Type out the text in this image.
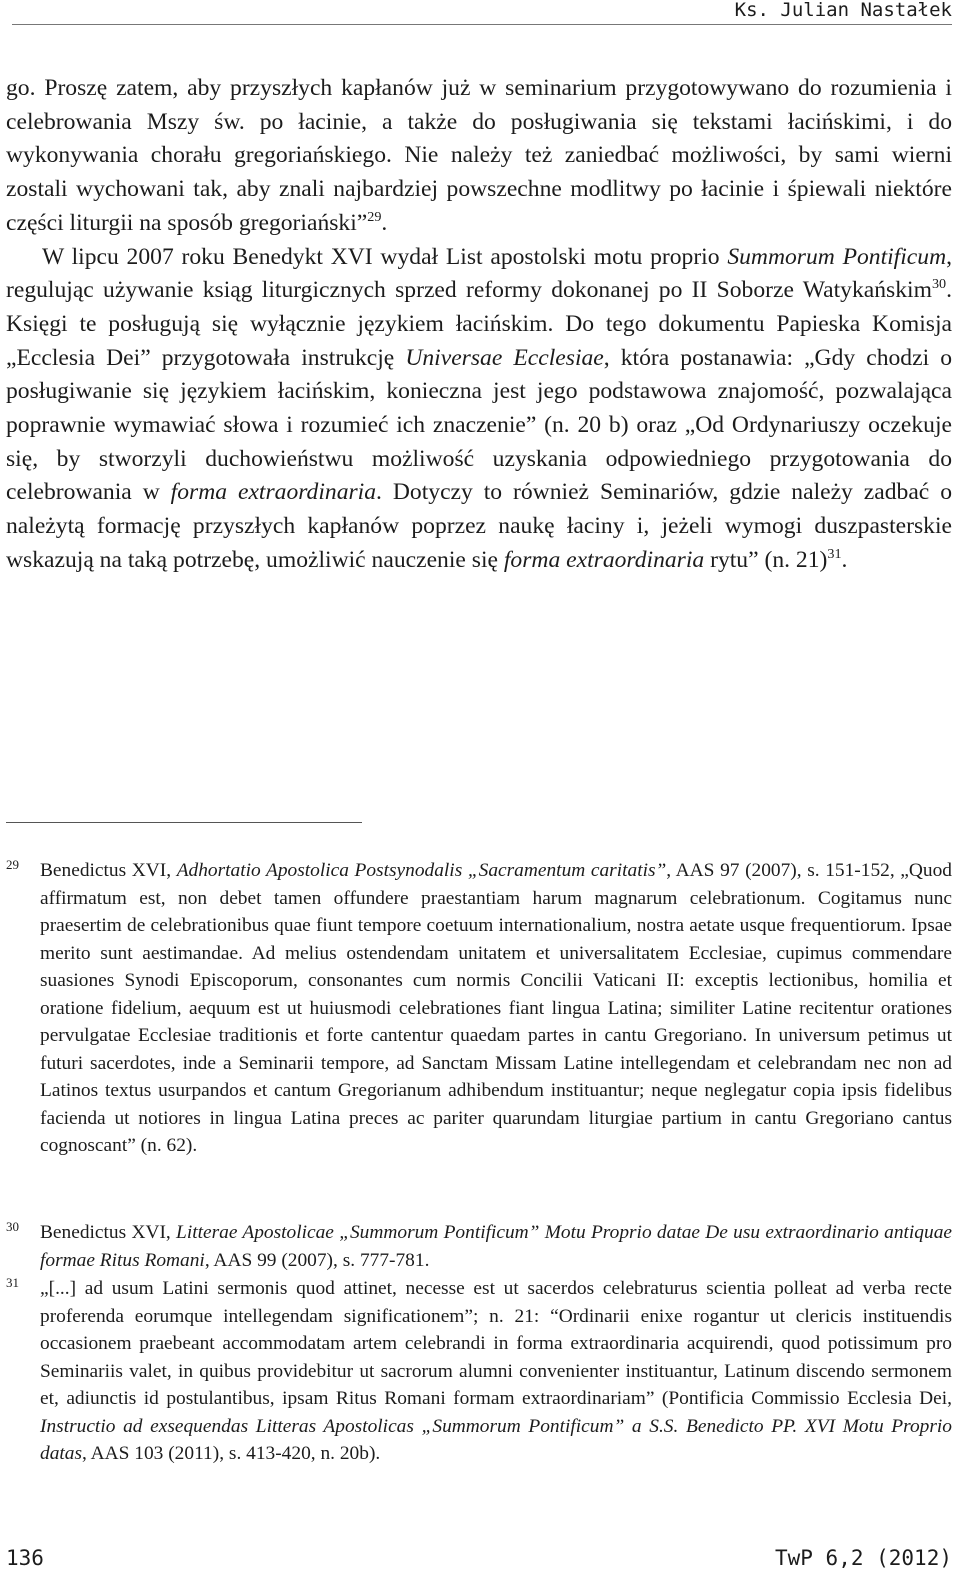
Ks. Julian Nastałek

go. Proszę zatem, aby przyszłych kapłanów już w seminarium przygotowywano do rozumienia i celebrowania Mszy św. po łacinie, a także do posługiwania się tekstami łacińskimi, i do wykonywania chorału gregoriańskiego. Nie należy też zaniedbać możliwości, by sami wierni zostali wychowani tak, aby znali najbardziej powszechne modlitwy po łacinie i śpiewali niektóre części liturgii na sposób gregoriański”$^{29}$.

W lipcu 2007 roku Benedykt XVI wydał List apostolski motu proprio Summorum Pontificum, regulując używanie ksiąg liturgicznych sprzed reformy dokonanej po II Soborze Watykańskim$^{30}$. Księgi te posługują się wyłącznie językiem łacińskim. Do tego dokumentu Papieska Komisja „Ecclesia Dei” przygotowała instrukcję Universae Ecclesiae, która postanawia: „Gdy chodzi o posługiwanie się językiem łacińskim, konieczna jest jego podstawowa znajomość, pozwalająca poprawnie wymawiać słowa i rozumieć ich znaczenie” (n. 20 b) oraz „Od Ordynariuszy oczekuje się, by stworzyli duchowieństwu możliwość uzyskania odpowiedniego przygotowania do celebrowania w forma extraordinaria. Dotyczy to również Seminariów, gdzie należy zadbać o należytą formację przyszłych kapłanów poprzez naukę łaciny i, jeżeli wymogi duszpasterskie wskazują na taką potrzebę, umożliwić nauczenie się forma extraordinaria rytu” (n. 21)$^{31}$.

29 Benedictus XVI, Adhortatio Apostolica Postsynodalis „Sacramentum caritatis”, AAS 97 (2007), s. 151-152, „Quod affirmatum est, non debet tamen offundere praestantiam harum magnarum celebrationum. Cogitamus nunc praesertim de celebrationibus quae fiunt tempore coetuum internationalium, nostra aetate usque frequentiorum. Ipsae merito sunt aestimandae. Ad melius ostendendam unitatem et universalitatem Ecclesiae, cupimus commendare suasiones Synodi Episcoporum, consonantes cum normis Concilii Vaticani II: exceptis lectionibus, homilia et oratione fidelium, aequum est ut huiusmodi celebrationes fiant lingua Latina; similiter Latine recitentur orationes pervulgatae Ecclesiae traditionis et forte cantentur quaedam partes in cantu Gregoriano. In universum petimus ut futuri sacerdotes, inde a Seminarii tempore, ad Sanctam Missam Latine intellegendam et celebrandam nec non ad Latinos textus usurpandos et cantum Gregorianum adhibendum instituantur; neque neglegatur copia ipsis fidelibus facienda ut notiores in lingua Latina preces ac pariter quarundam liturgiae partium in cantu Gregoriano cantus cognoscant” (n. 62).
30 Benedictus XVI, Litterae Apostolicae „Summorum Pontificum” Motu Proprio datae De usu extraordinario antiquae formae Ritus Romani, AAS 99 (2007), s. 777-781.
31 „[...] ad usum Latini sermonis quod attinet, necesse est ut sacerdos celebraturus scientia polleat ad verba recte proferenda eorumque intellegendam significationem”; n. 21: “Ordinarii enixe rogantur ut clericis instituendis occasionem praebeant accommodatam artem celebrandi in forma extraordinaria acquirendi, quod potissimum pro Seminariis valet, in quibus providebitur ut sacrorum alumni convenienter instituantur, Latinum discendo sermonem et, adiunctis id postulantibus, ipsam Ritus Romani formam extraordinariam” (Pontificia Commissio Ecclesia Dei, Instructio ad exsequendas Litteras Apostolicas „Summorum Pontificum” a S.S. Benedicto PP. XVI Motu Proprio datas, AAS 103 (2011), s. 413-420, n. 20b).
136	TwP 6,2 (2012)
